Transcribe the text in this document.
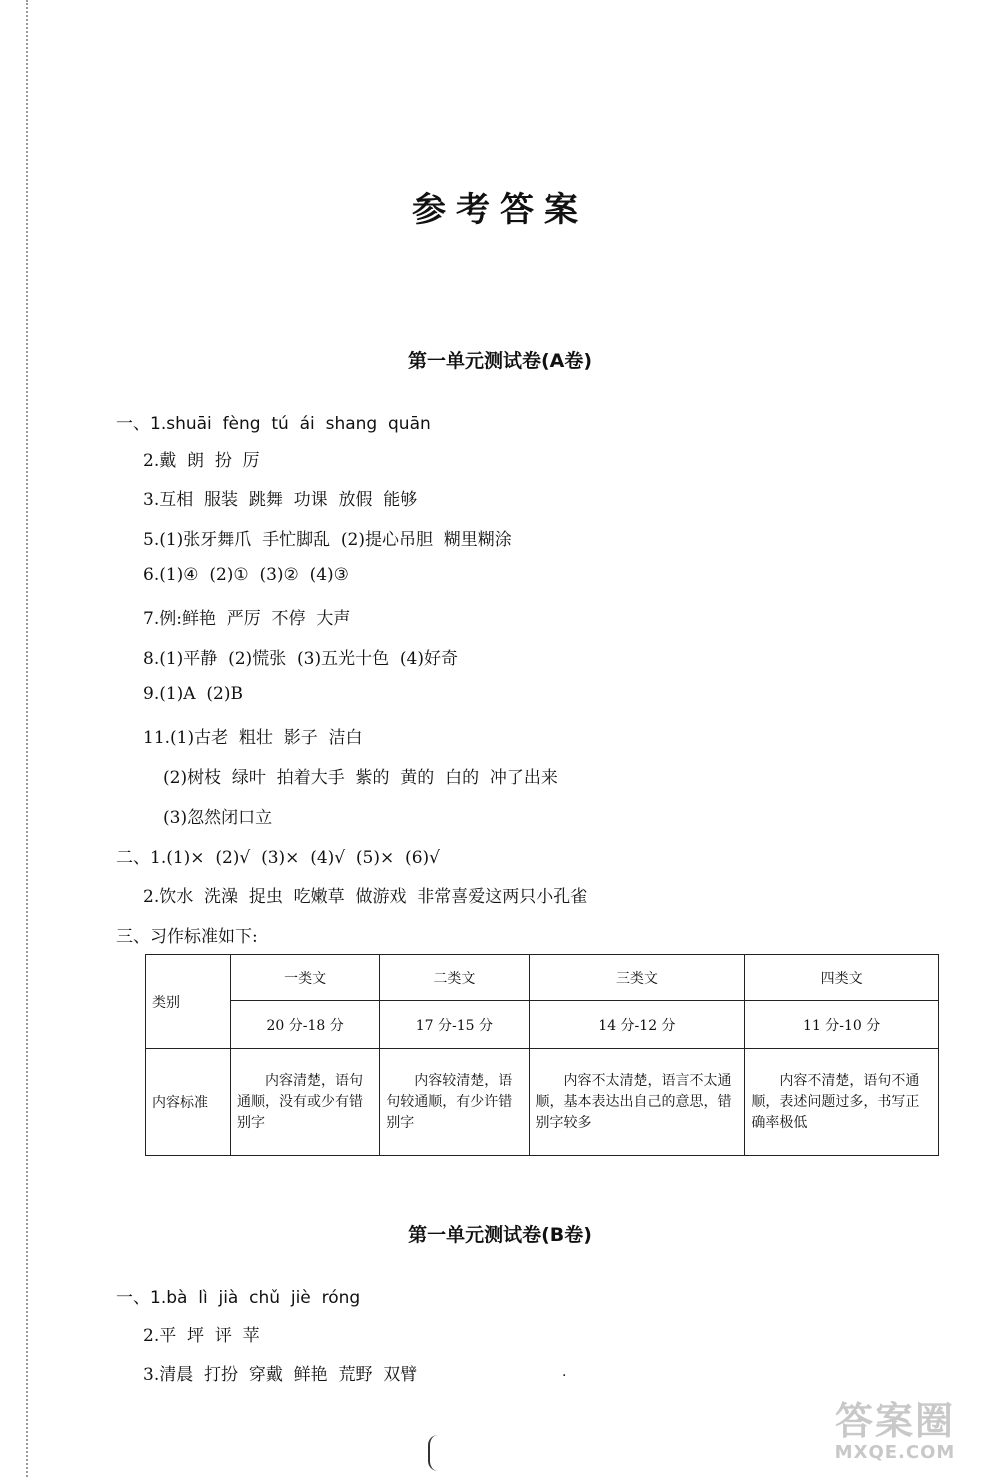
参考答案
第一单元测试卷(A卷)
一、1.shuāi  fèng  tú  ái  shang  quān
2.戴  朗  扮  厉
3.互相  服装  跳舞  功课  放假  能够
5.(1)张牙舞爪  手忙脚乱  (2)提心吊胆  糊里糊涂
6.(1)④  (2)①  (3)②  (4)③
7.例:鲜艳  严厉  不停  大声
8.(1)平静  (2)慌张  (3)五光十色  (4)好奇
9.(1)A  (2)B
11.(1)古老  粗壮  影子  洁白
(2)树枝  绿叶  拍着大手  紫的  黄的  白的  冲了出来
(3)忽然闭口立
二、1.(1)×  (2)√  (3)×  (4)√  (5)×  (6)√
2.饮水  洗澡  捉虫  吃嫩草  做游戏  非常喜爱这两只小孔雀
三、习作标准如下:
类别	一类文	二类文	三类文	四类文
	20 分-18 分	17 分-15 分	14 分-12 分	11 分-10 分
内容标准	内容清楚，语句通顺，没有或少有错别字	内容较清楚，语句较通顺，有少许错别字	内容不太清楚，语言不太通顺，基本表达出自己的意思，错别字较多	内容不清楚，语句不通顺，表述问题过多，书写正确率极低
第一单元测试卷(B卷)
一、1.bà  lì  jià  chǔ  jiè  róng
2.平  坪  评  苹
3.清晨  打扮  穿戴  鲜艳  荒野  双臂	·
答案圈
MXQE.COM
